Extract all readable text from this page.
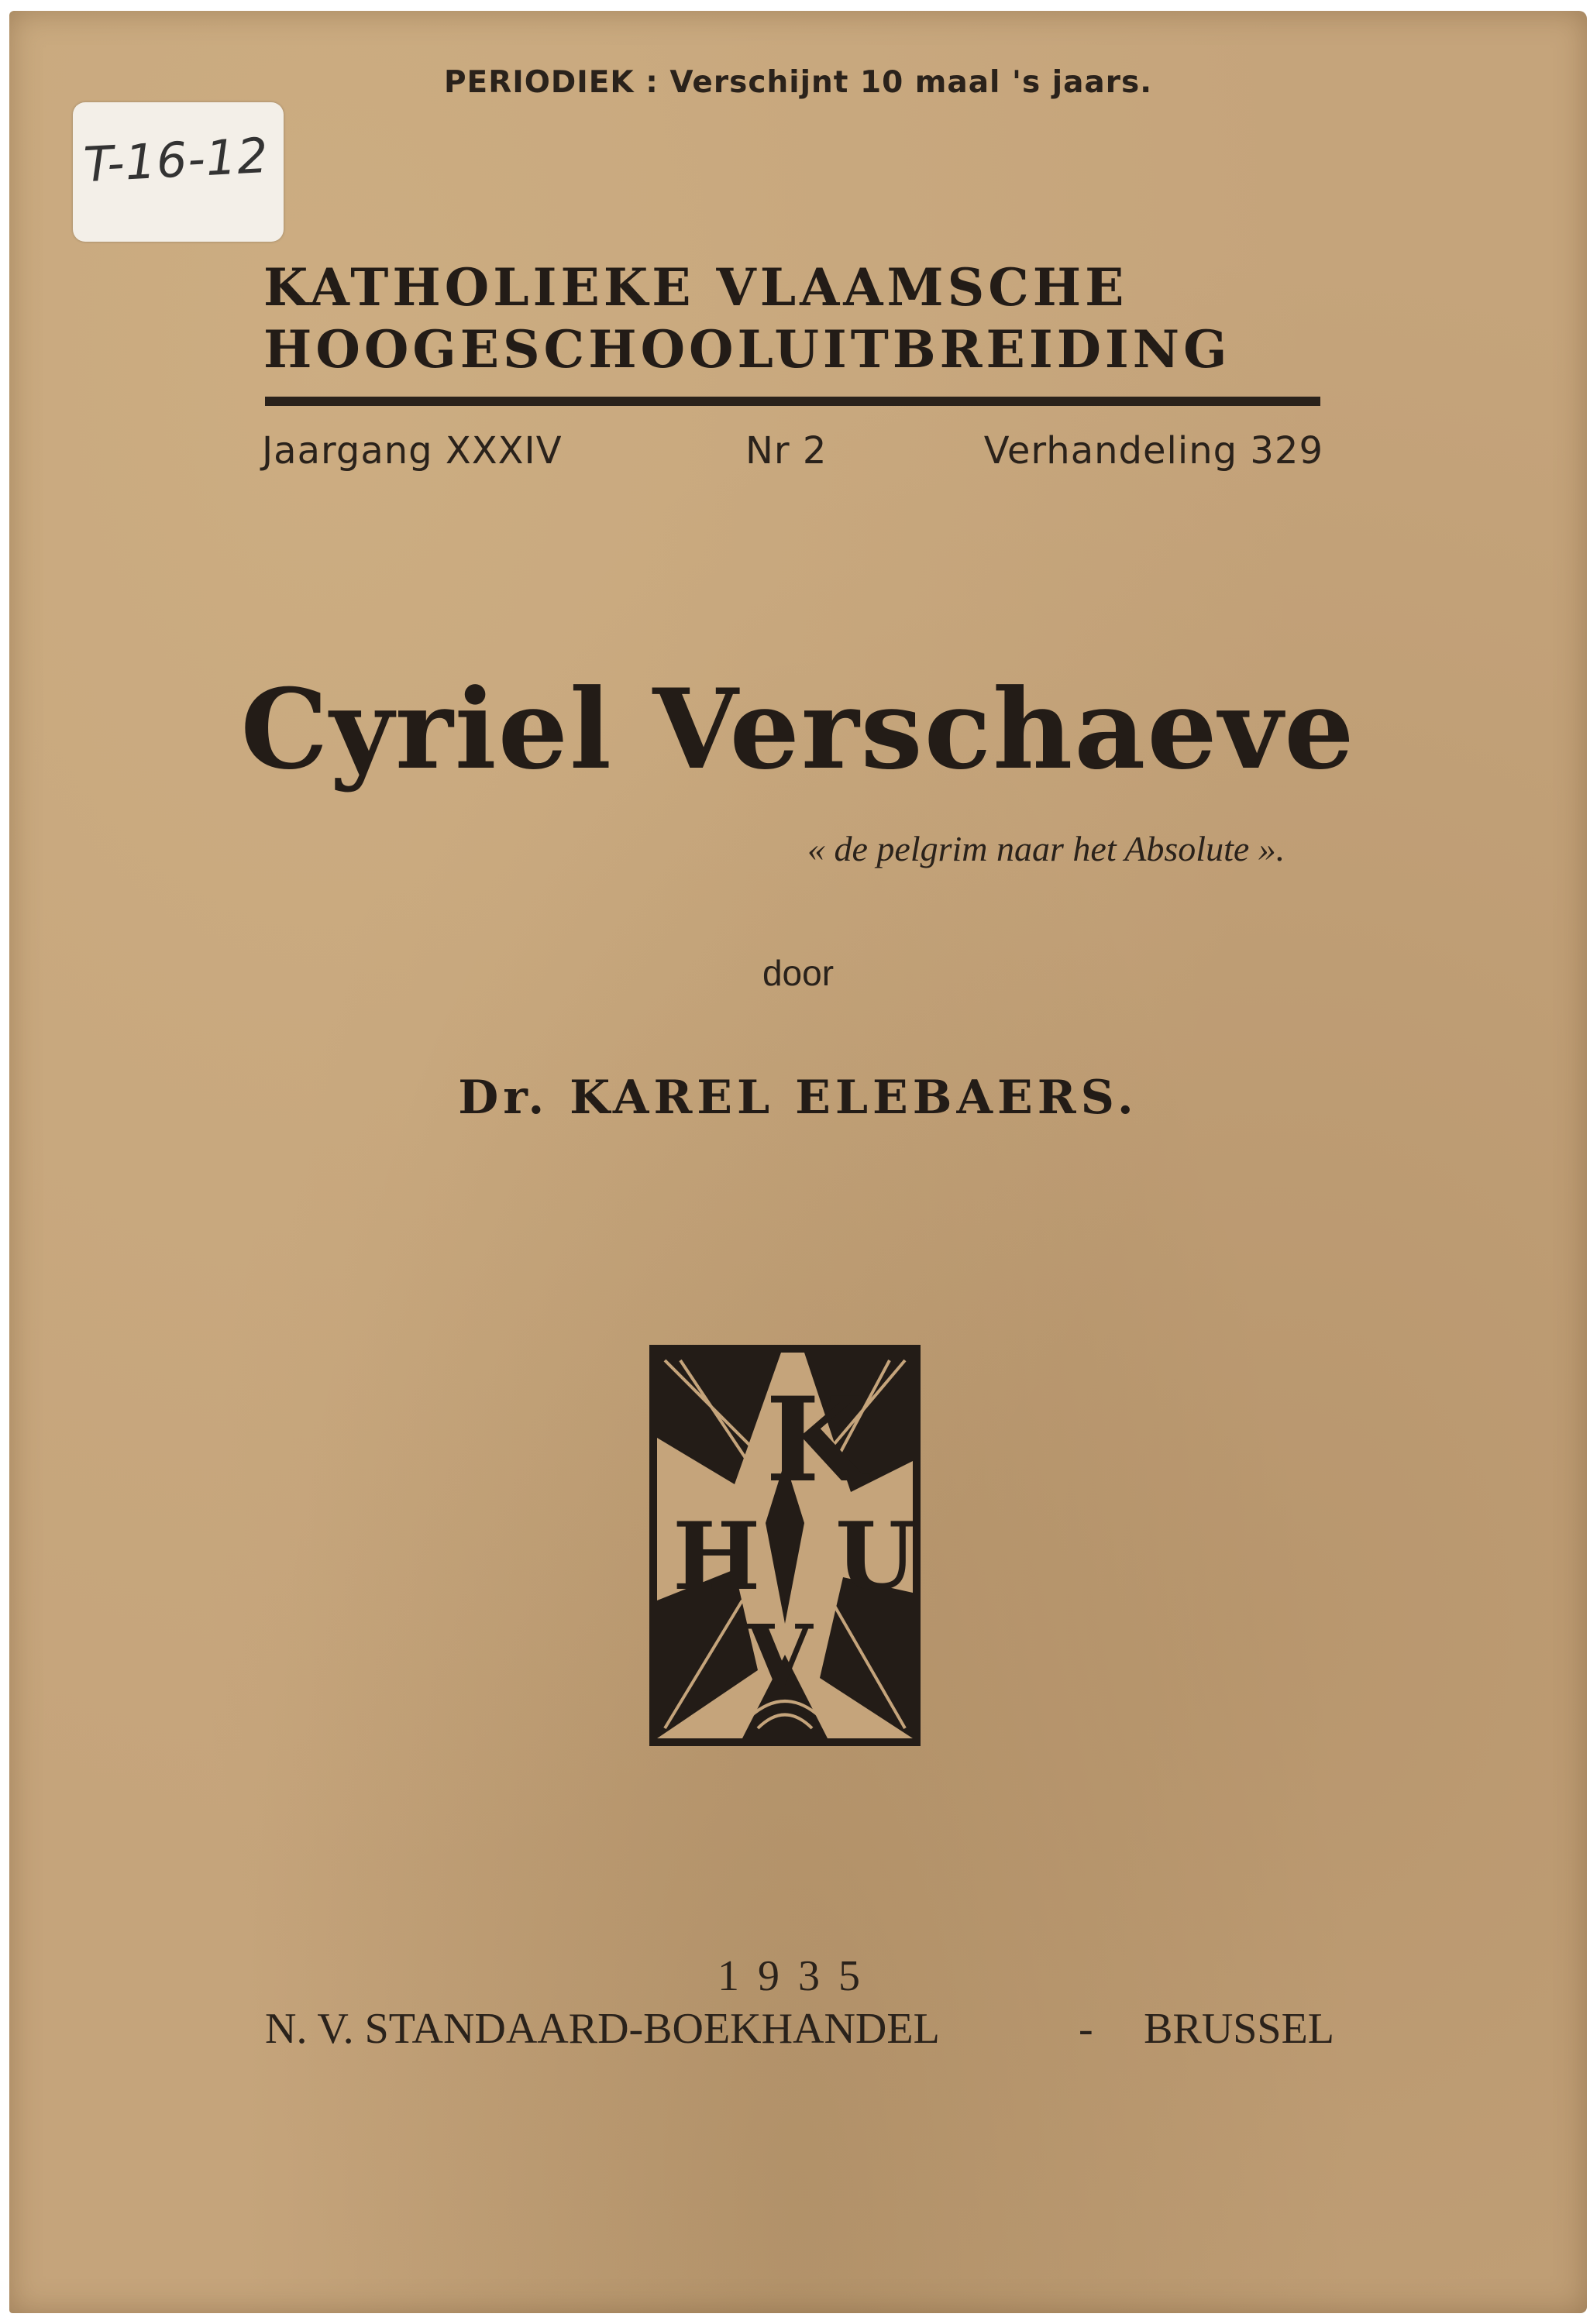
PERIODIEK : Verschijnt 10 maal 's jaars.
T-16-12
KATHOLIEKE VLAAMSCHE
HOOGESCHOOLUITBREIDING
Jaargang XXXIV	Nr 2	Verhandeling 329
Cyriel Verschaeve
« de pelgrim naar het Absolute ».
door
Dr. KAREL ELEBAERS.
K
H U
V
1935
N. V. STANDAARD-BOEKHANDEL	- BRUSSEL
